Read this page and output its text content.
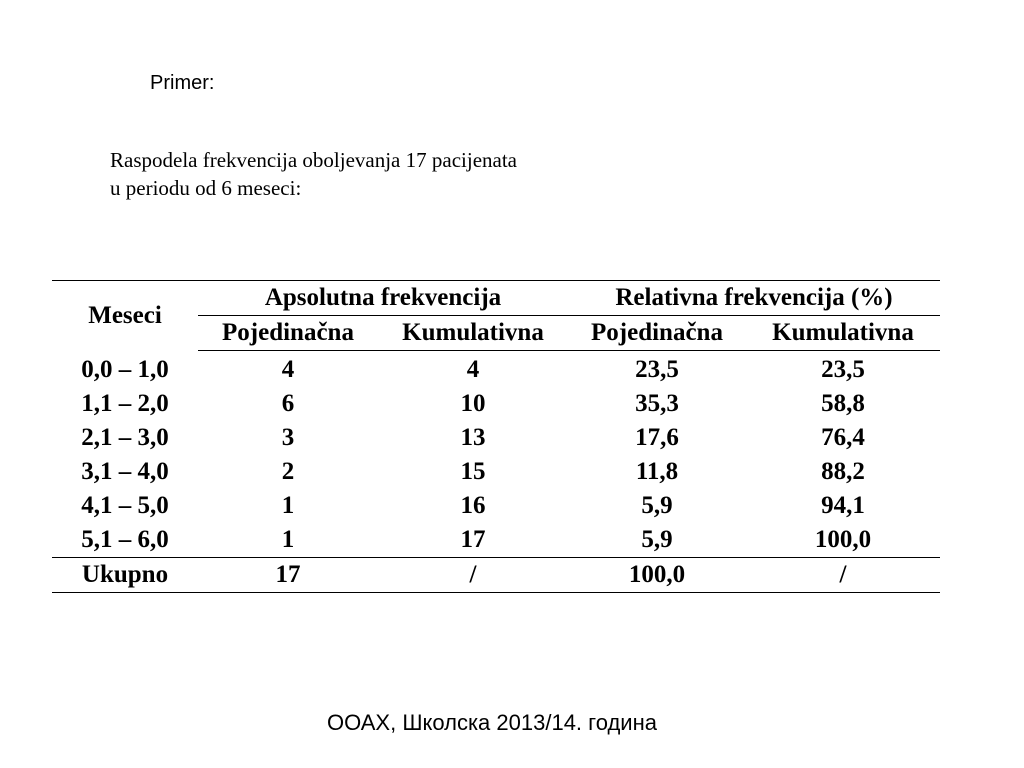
Primer:
Raspodela frekvencija oboljevanja 17 pacijenata
u periodu od 6 meseci:
Meseci	Apsolutna frekvencija		Relativna frekvencija (%)	
	Pojedinačna	Kumulativna	Pojedinačna	Kumulativna
0,0 – 1,0	4	4	23,5	23,5
1,1 – 2,0	6	10	35,3	58,8
2,1 – 3,0	3	13	17,6	76,4
3,1 – 4,0	2	15	11,8	88,2
4,1 – 5,0	1	16	5,9	94,1
5,1 – 6,0	1	17	5,9	100,0
Ukupno	17	/	100,0	/
ООАХ, Школска 2013/14. година
